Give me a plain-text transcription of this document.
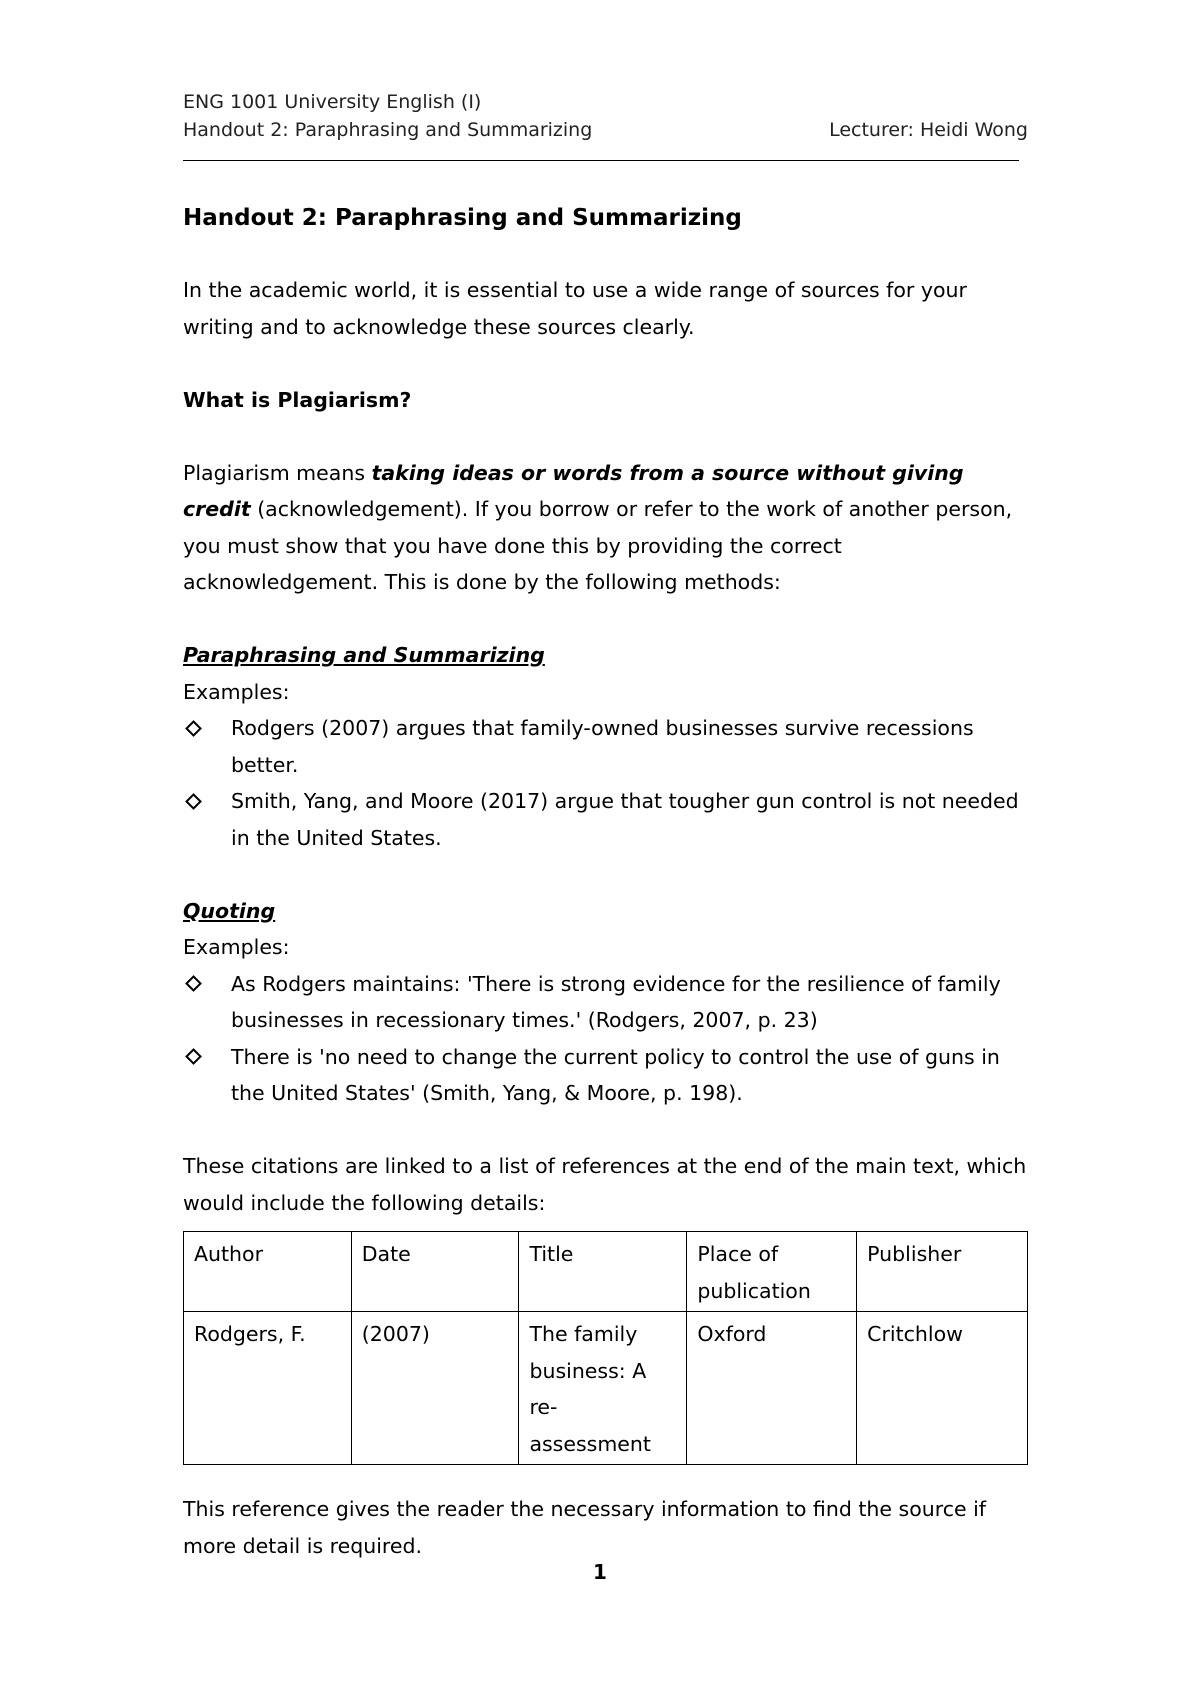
ENG 1001 University English (I)
Handout 2: Paraphrasing and Summarizing	Lecturer: Heidi Wong
Handout 2: Paraphrasing and Summarizing

In the academic world, it is essential to use a wide range of sources for your writing and to acknowledge these sources clearly.

What is Plagiarism?

Plagiarism means taking ideas or words from a source without giving credit (acknowledgement). If you borrow or refer to the work of another person, you must show that you have done this by providing the correct acknowledgement. This is done by the following methods:

Paraphrasing and Summarizing

Examples:

Rodgers (2007) argues that family-owned businesses survive recessions better.
Smith, Yang, and Moore (2017) argue that tougher gun control is not needed in the United States.

Quoting

Examples:

As Rodgers maintains: 'There is strong evidence for the resilience of family businesses in recessionary times.' (Rodgers, 2007, p. 23)
There is 'no need to change the current policy to control the use of guns in the United States' (Smith, Yang, & Moore, p. 198).

These citations are linked to a list of references at the end of the main text, which would include the following details:

Author	Date	Title	Place of publication	Publisher
Rodgers, F.	(2007)	The family business: A re-assessment	Oxford	Critchlow

This reference gives the reader the necessary information to find the source if more detail is required.

1
